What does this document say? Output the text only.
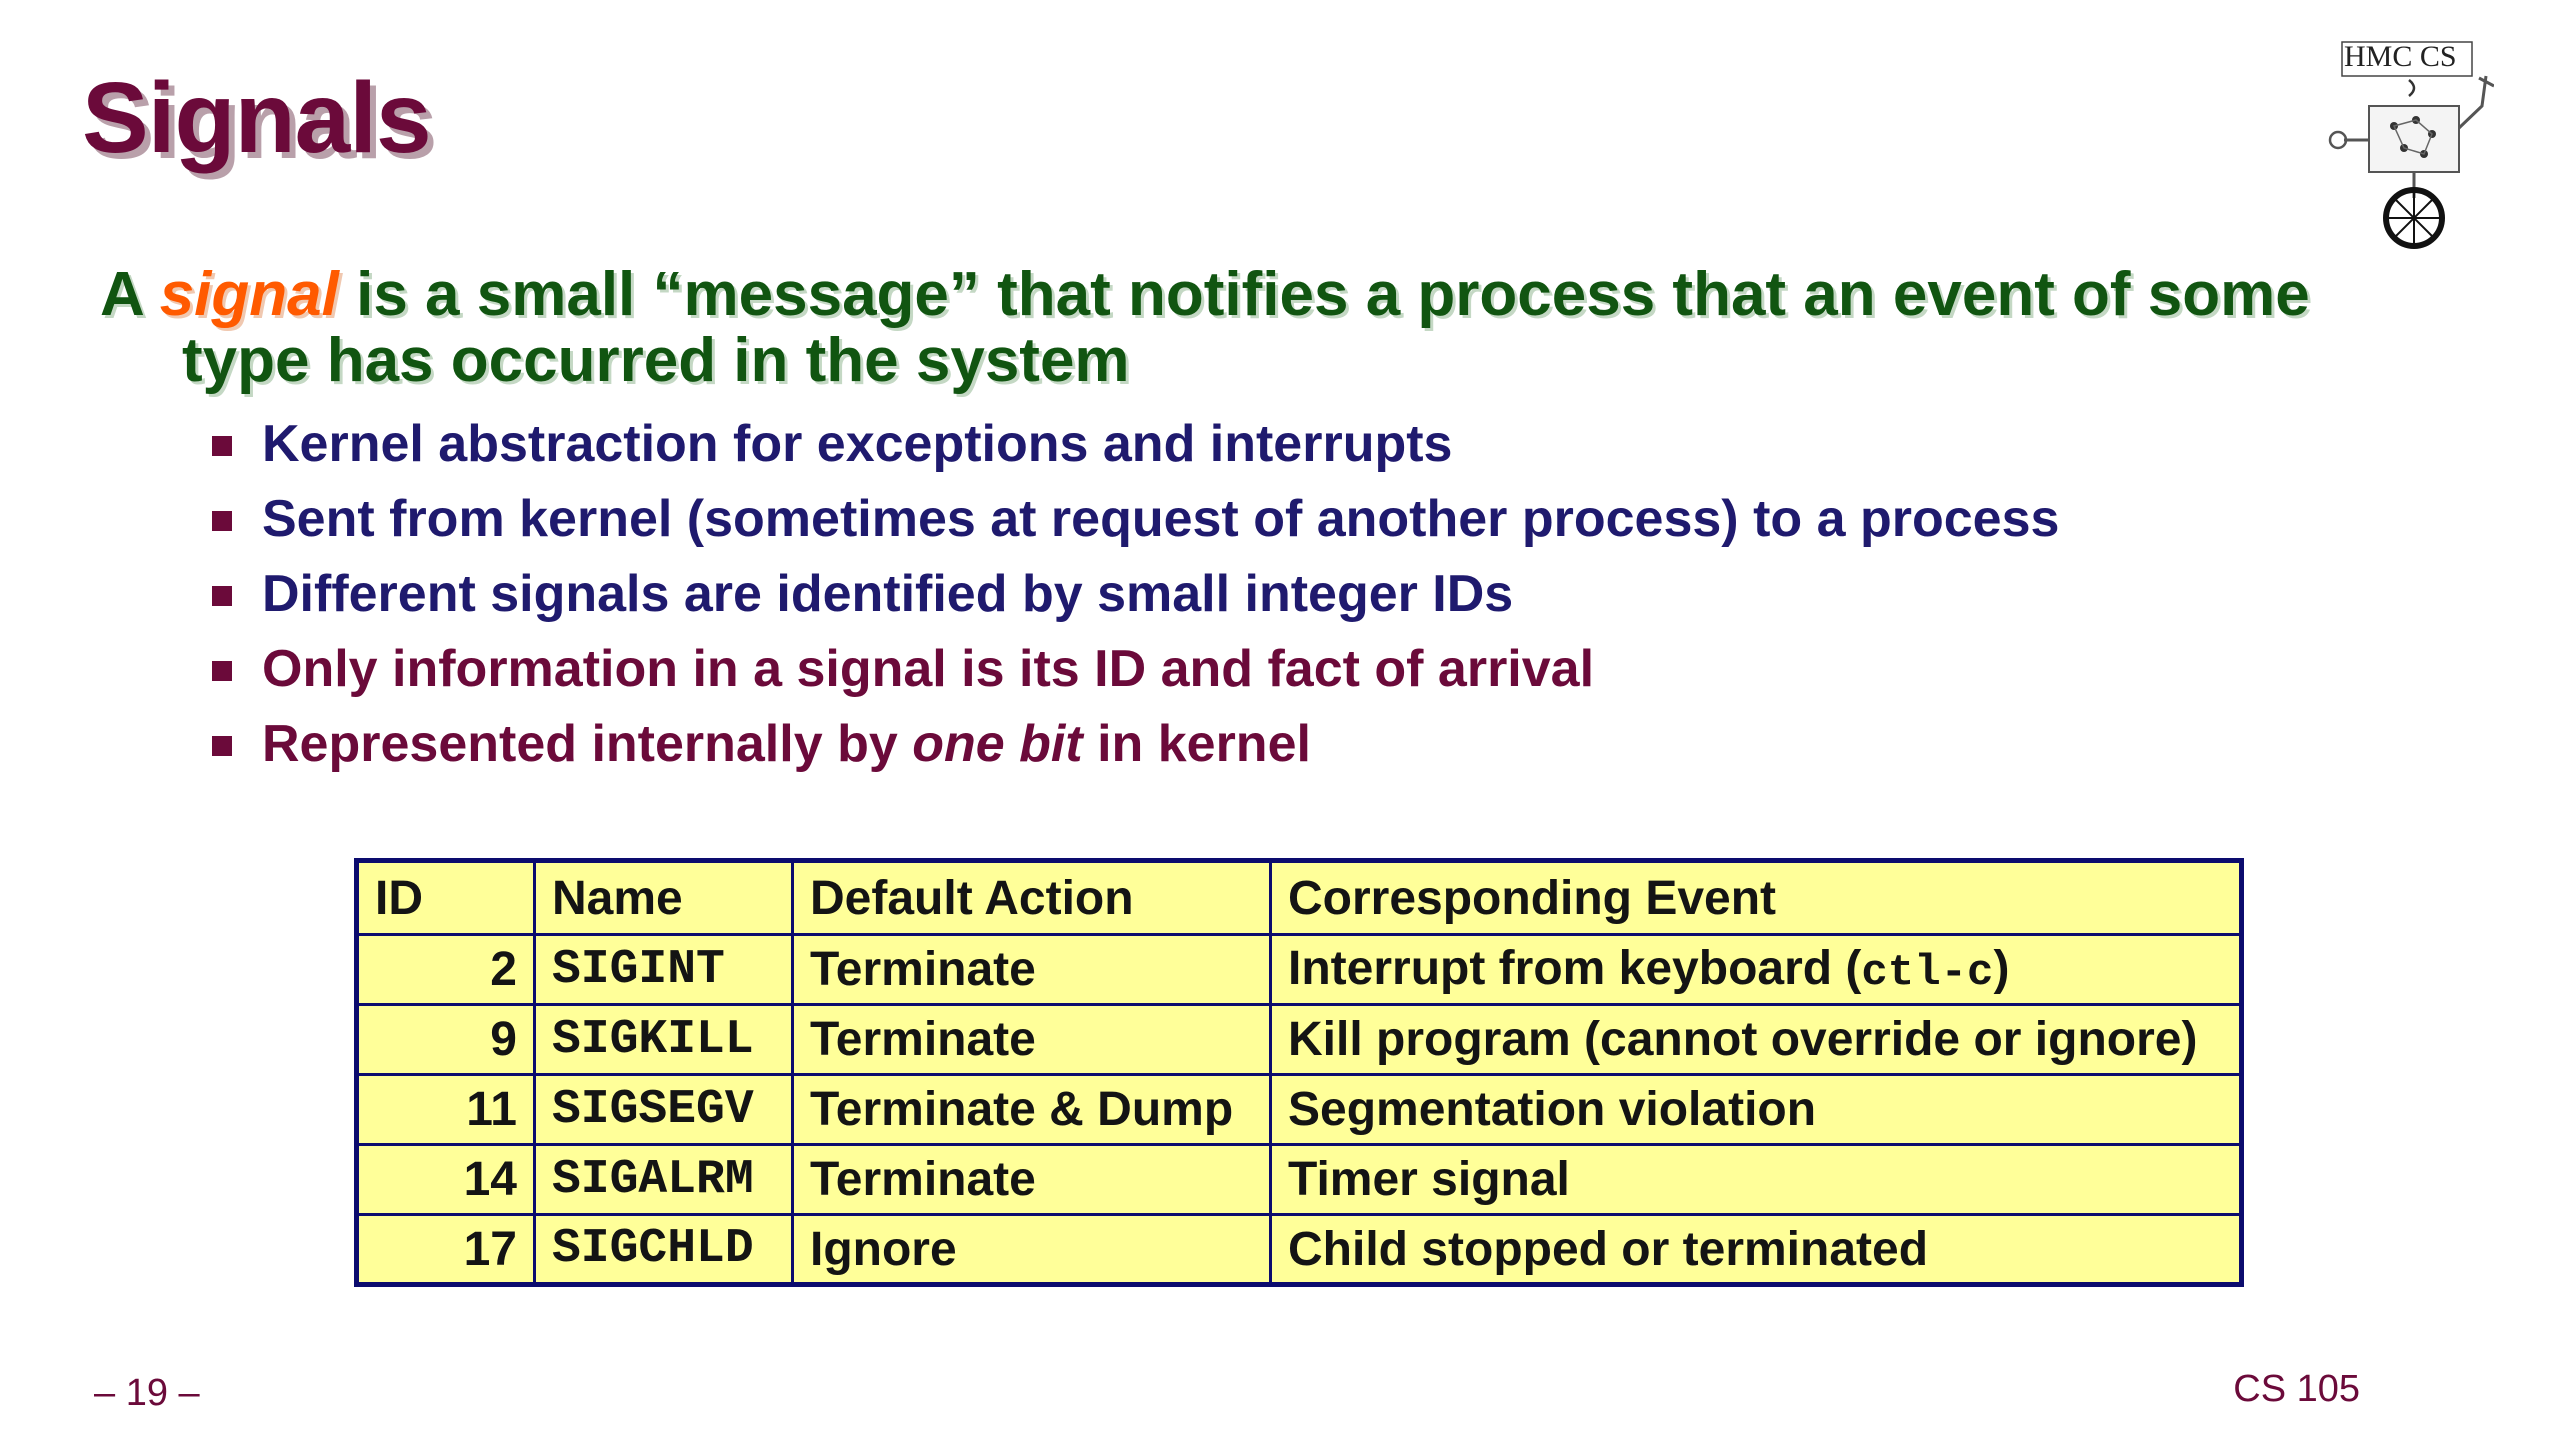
Signals
HMC CS
A signal is a small “message” that notifies a process that an event of some type has occurred in the system
Kernel abstraction for exceptions and interrupts
Sent from kernel (sometimes at request of another process) to a process
Different signals are identified by small integer IDs
Only information in a signal is its ID and fact of arrival
Represented internally by one bit in kernel
ID	Name	Default Action	Corresponding Event
2	SIGINT	Terminate	Interrupt from keyboard (ctl-c)
9	SIGKILL	Terminate	Kill program (cannot override or ignore)
11	SIGSEGV	Terminate & Dump	Segmentation violation
14	SIGALRM	Terminate	Timer signal
17	SIGCHLD	Ignore	Child stopped or terminated
– 19 –	CS 105
